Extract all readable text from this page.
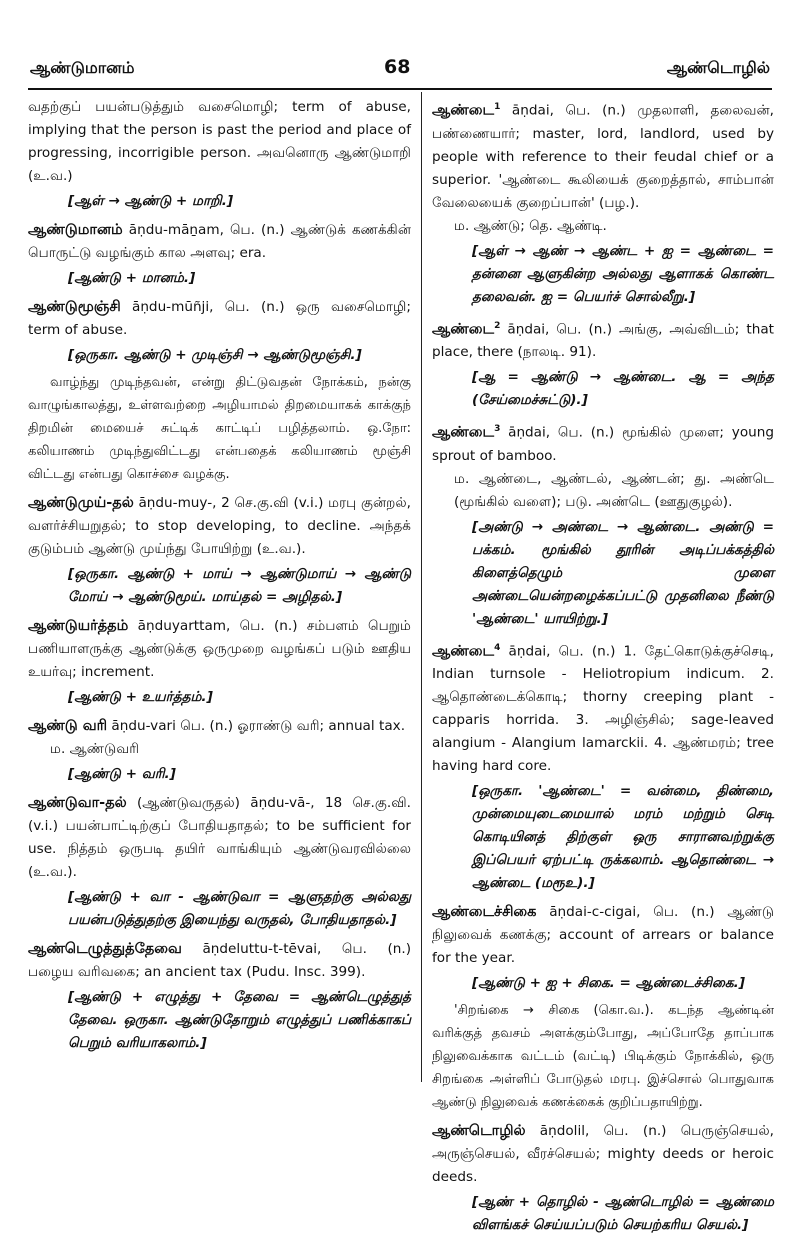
ஆண்டுமானம்	68	ஆண்டொழில்

வதற்குப் பயன்படுத்தும் வசைமொழி; term of abuse, implying that the person is past the period and place of progressing, incorrigible person. அவனொரு ஆண்டுமாறி (உ.வ.)

[ஆள் → ஆண்டு + மாறி.]

ஆண்டுமானம் āṇdu-māṉam, பெ. (n.) ஆண்டுக் கணக்கின் பொருட்டு வழங்கும் கால அளவு; era.

[ஆண்டு + மானம்.]

ஆண்டுமூஞ்சி āṇdu-mūñji, பெ. (n.) ஒரு வசைமொழி; term of abuse.

[ஒருகா. ஆண்டு + முடிஞ்சி → ஆண்டுமூஞ்சி.]

வாழ்ந்து முடிந்தவன், என்று திட்டுவதன் நோக்கம், நன்கு வாழுங்காலத்து, உள்ளவற்றை அழியாமல் திறமையாகக் காக்குந் திறமின் மையைச் சுட்டிக் காட்டிப் பழித்தலாம். ஒ.நோ: கலியாணம் முடிந்துவிட்டது என்பதைக் கலியாணம் மூஞ்சி விட்டது என்பது கொச்சை வழக்கு.

ஆண்டுமுய்-தல் āṇdu-muy-, 2 செ.கு.வி (v.i.) மரபு குன்றல், வளர்ச்சியறுதல்; to stop developing, to decline. அந்தக் குடும்பம் ஆண்டு முய்ந்து போயிற்று (உ.வ.).

[ஒருகா. ஆண்டு + மாய் → ஆண்டுமாய் → ஆண்டு மோய் → ஆண்டுமூய். மாய்தல் = அழிதல்.]

ஆண்டுயர்த்தம் āṇduyarttam, பெ. (n.) சம்பளம் பெறும் பணியாளருக்கு ஆண்டுக்கு ஒருமுறை வழங்கப் படும் ஊதிய உயர்வு; increment.

[ஆண்டு + உயர்த்தம்.]

ஆண்டு வரி āṇdu-vari பெ. (n.) ஓராண்டு வரி; annual tax.

ம. ஆண்டுவரி

[ஆண்டு + வரி.]

ஆண்டுவா-தல் (ஆண்டுவருதல்) āṇdu-vā-, 18 செ.கு.வி. (v.i.) பயன்பாட்டிற்குப் போதியதாதல்; to be sufficient for use. நித்தம் ஒருபடி தயிர் வாங்கியும் ஆண்டுவரவில்லை (உ.வ.).

[ஆண்டு + வா - ஆண்டுவா = ஆளுதற்கு அல்லது பயன்படுத்துதற்கு இயைந்து வருதல், போதியதாதல்.]

ஆண்டெழுத்துத்தேவை āṇdeluttu-t-tēvai, பெ. (n.) பழைய வரிவகை; an ancient tax (Pudu. Insc. 399).

[ஆண்டு + எழுத்து + தேவை = ஆண்டெழுத்துத் தேவை. ஒருகா. ஆண்டுதோறும் எழுத்துப் பணிக்காகப் பெறும் வரியாகலாம்.]

ஆண்டை$^1$ āṇdai, பெ. (n.) முதலாளி, தலைவன், பண்ணையார்; master, lord, landlord, used by people with reference to their feudal chief or a superior. 'ஆண்டை கூலியைக் குறைத்தால், சாம்பான் வேலையைக் குறைப்பான்' (பழ.).

ம. ஆண்டு; தெ. ஆண்டி.

[ஆள் → ஆண் → ஆண்ட + ஐ = ஆண்டை = தன்னை ஆளுகின்ற அல்லது ஆளாகக் கொண்ட தலைவன். ஐ = பெயர்ச் சொல்லீறு.]

ஆண்டை$^2$ āṇdai, பெ. (n.) அங்கு, அவ்விடம்; that place, there (நாலடி. 91).

[ஆ = ஆண்டு → ஆண்டை. ஆ = அந்த (சேய்மைச்சுட்டு).]

ஆண்டை$^3$ āṇdai, பெ. (n.) மூங்கில் முளை; young sprout of bamboo.

ம. ஆண்டை, ஆண்டல், ஆண்டன்; து. அண்டெ (மூங்கில் வளை); படு. அண்டெ (ஊதுகுழல்).

[அண்டு → அண்டை → ஆண்டை. அண்டு = பக்கம். மூங்கில் தூரின் அடிப்பக்கத்தில் கிளைத்தெழும் முளை அண்டையென்றழைக்கப்பட்டு முதனிலை நீண்டு 'ஆண்டை' யாயிற்று.]

ஆண்டை$^4$ āṇdai, பெ. (n.) 1. தேட்கொடுக்குச்செடி, Indian turnsole - Heliotropium indicum. 2. ஆதொண்டைக்கொடி; thorny creeping plant - capparis horrida. 3. அழிஞ்சில்; sage-leaved alangium - Alangium lamarckii. 4. ஆண்மரம்; tree having hard core.

[ஒருகா. 'ஆண்டை' = வன்மை, திண்மை, முன்மையுடைமையால் மரம் மற்றும் செடி கொடியினத் திற்குள் ஒரு சாரானவற்றுக்கு இப்பெயர் ஏற்பட்டி ருக்கலாம். ஆதொண்டை → ஆண்டை (மரூஉ).]

ஆண்டைச்சிகை āṇdai-c-cigai, பெ. (n.) ஆண்டு நிலுவைக் கணக்கு; account of arrears or balance for the year.

[ஆண்டு + ஐ + சிகை. = ஆண்டைச்சிகை.]

'சிறங்கை → சிகை (கொ.வ.). கடந்த ஆண்டின் வரிக்குத் தவசம் அளக்கும்போது, அப்போதே தாப்பாக நிலுவைக்காக வட்டம் (வட்டி) பிடிக்கும் நோக்கில், ஒரு சிறங்கை அள்ளிப் போடுதல் மரபு. இச்சொல் பொதுவாக ஆண்டு நிலுவைக் கணக்கைக் குறிப்பதாயிற்று.

ஆண்டொழில் āṇdolil, பெ. (n.) பெருஞ்செயல், அருஞ்செயல், வீரச்செயல்; mighty deeds or heroic deeds.

[ஆண் + தொழில் - ஆண்டொழில் = ஆண்மை விளங்கச் செய்யப்படும் செயற்கரிய செயல்.]
